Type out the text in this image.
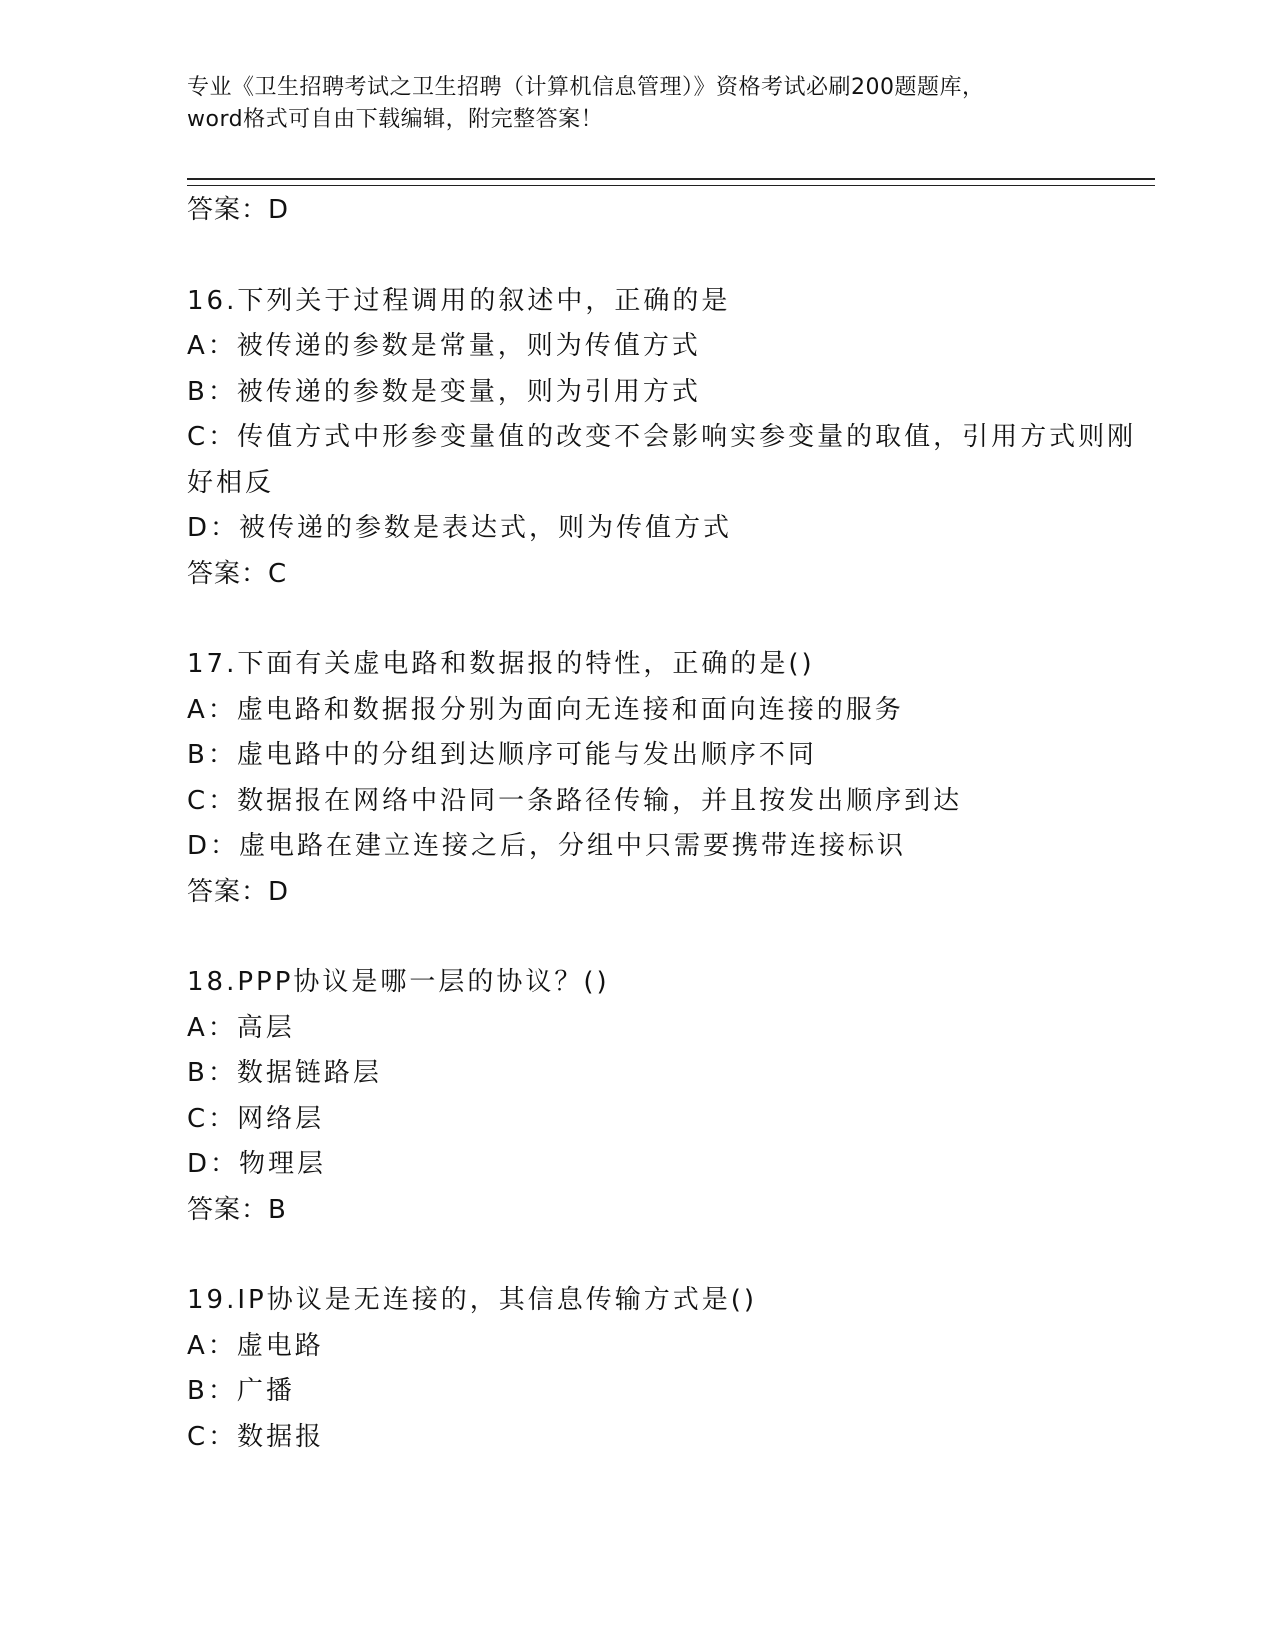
专业《卫生招聘考试之卫生招聘（计算机信息管理）》资格考试必刷200题题库，
word格式可自由下载编辑，附完整答案！
答案：D
16.下列关于过程调用的叙述中，正确的是
A：被传递的参数是常量，则为传值方式
B：被传递的参数是变量，则为引用方式
C：传值方式中形参变量值的改变不会影响实参变量的取值，引用方式则刚好相反
D：被传递的参数是表达式，则为传值方式
答案：C
17.下面有关虚电路和数据报的特性，正确的是()
A：虚电路和数据报分别为面向无连接和面向连接的服务
B：虚电路中的分组到达顺序可能与发出顺序不同
C：数据报在网络中沿同一条路径传输，并且按发出顺序到达
D：虚电路在建立连接之后，分组中只需要携带连接标识
答案：D
18.PPP协议是哪一层的协议？()
A：高层
B：数据链路层
C：网络层
D：物理层
答案：B
19.IP协议是无连接的，其信息传输方式是()
A：虚电路
B：广播
C：数据报
